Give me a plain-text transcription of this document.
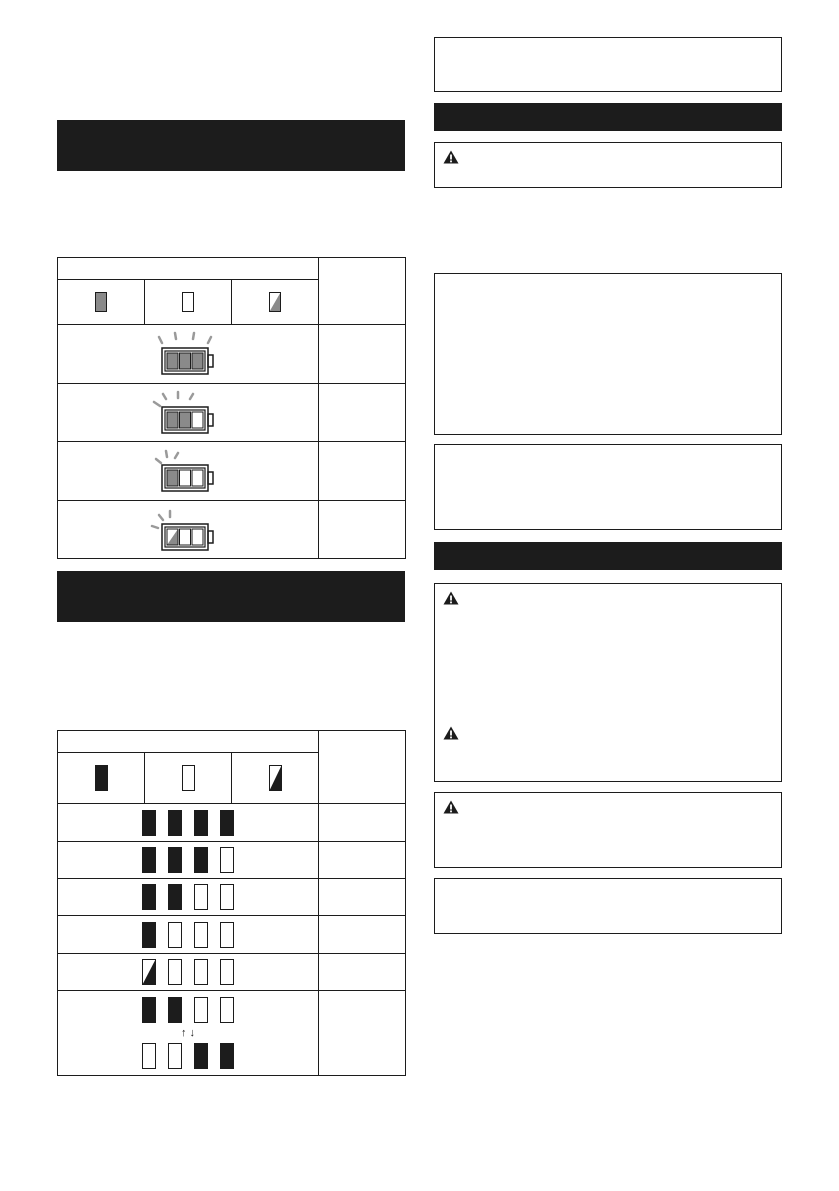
↑ ↓			
